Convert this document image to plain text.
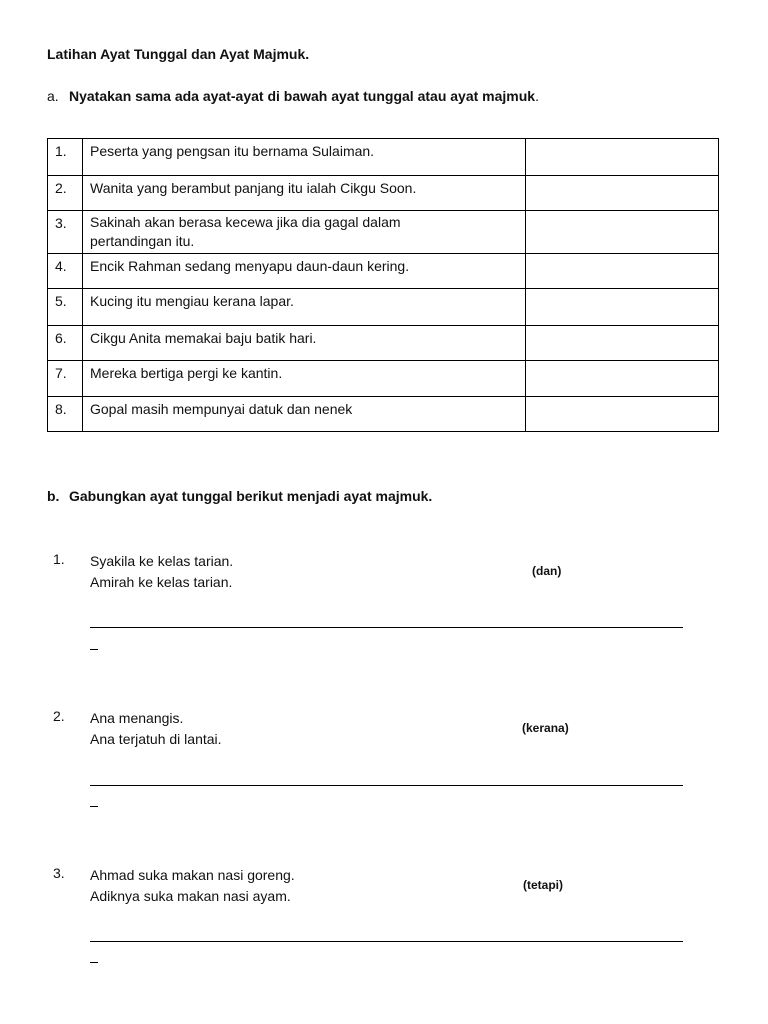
Latihan Ayat Tunggal dan Ayat Majmuk.
a. Nyatakan sama ada ayat-ayat di bawah ayat tunggal atau ayat majmuk.
1.	Peserta yang pengsan itu bernama Sulaiman.	
2.	Wanita yang berambut panjang itu ialah Cikgu Soon.	
3.	Sakinah akan berasa kecewa jika dia gagal dalam pertandingan itu.	
4.	Encik Rahman sedang menyapu daun-daun kering.	
5.	Kucing itu mengiau kerana lapar.	
6.	Cikgu Anita memakai baju batik hari.	
7.	Mereka bertiga pergi ke kantin.	
8.	Gopal masih mempunyai datuk dan nenek	
b. Gabungkan ayat tunggal berikut menjadi ayat majmuk.
1.	Syakila ke kelas tarian.
Amirah ke kelas tarian.
(dan)
2.	Ana menangis.
Ana terjatuh di lantai.
(kerana)
3.	Ahmad suka makan nasi goreng.
Adiknya suka makan nasi ayam.
(tetapi)
